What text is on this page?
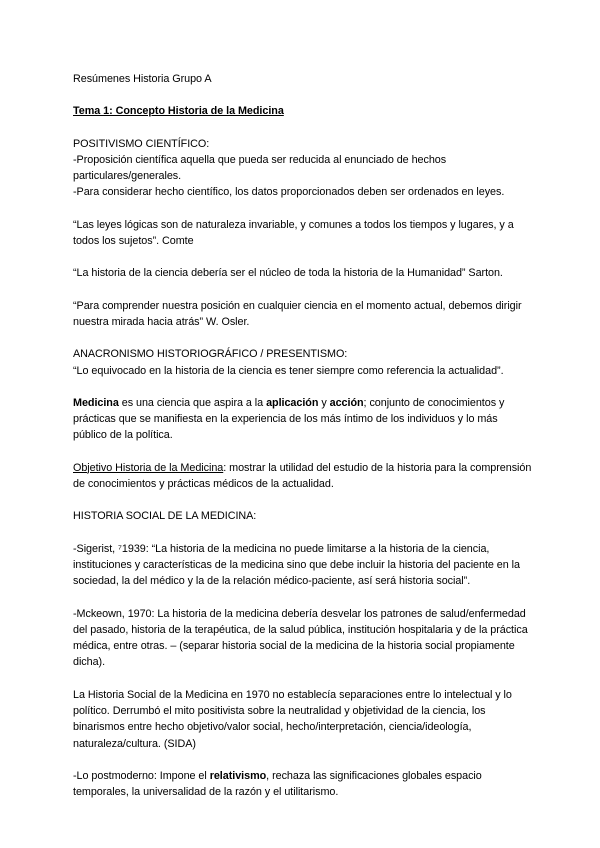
Resúmenes Historia Grupo A

Tema 1: Concepto Historia de la Medicina

POSITIVISMO CIENTÍFICO:

-Proposición científica aquella que pueda ser reducida al enunciado de hechos particulares/generales.

-Para considerar hecho científico, los datos proporcionados deben ser ordenados en leyes.

“Las leyes lógicas son de naturaleza invariable, y comunes a todos los tiempos y lugares, y a todos los sujetos”. Comte

“La historia de la ciencia debería ser el núcleo de toda la historia de la Humanidad” Sarton.

“Para comprender nuestra posición en cualquier ciencia en el momento actual, debemos dirigir nuestra mirada hacia atrás” W. Osler.

ANACRONISMO HISTORIOGRÁFICO / PRESENTISMO:

“Lo equivocado en la historia de la ciencia es tener siempre como referencia la actualidad”.

Medicina es una ciencia que aspira a la aplicación y acción; conjunto de conocimientos y prácticas que se manifiesta en la experiencia de los más íntimo de los individuos y lo más público de la política.

Objetivo Historia de la Medicina: mostrar la utilidad del estudio de la historia para la comprensión de conocimientos y prácticas médicos de la actualidad.

HISTORIA SOCIAL DE LA MEDICINA:

-Sigerist, ⁷1939: “La historia de la medicina no puede limitarse a la historia de la ciencia, instituciones y características de la medicina sino que debe incluir la historia del paciente en la sociedad, la del médico y la de la relación médico-paciente, así será historia social”.

-Mckeown, 1970: La historia de la medicina debería desvelar los patrones de salud/enfermedad del pasado, historia de la terapéutica, de la salud pública, institución hospitalaria y de la práctica médica, entre otras. – (separar historia social de la medicina de la historia social propiamente dicha).

La Historia Social de la Medicina en 1970 no establecía separaciones entre lo intelectual y lo político. Derrumbó el mito positivista sobre la neutralidad y objetividad de la ciencia, los binarismos entre hecho objetivo/valor social, hecho/interpretación, ciencia/ideología, naturaleza/cultura. (SIDA)

-Lo postmoderno: Impone el relativismo, rechaza las significaciones globales espacio temporales, la universalidad de la razón y el utilitarismo.
